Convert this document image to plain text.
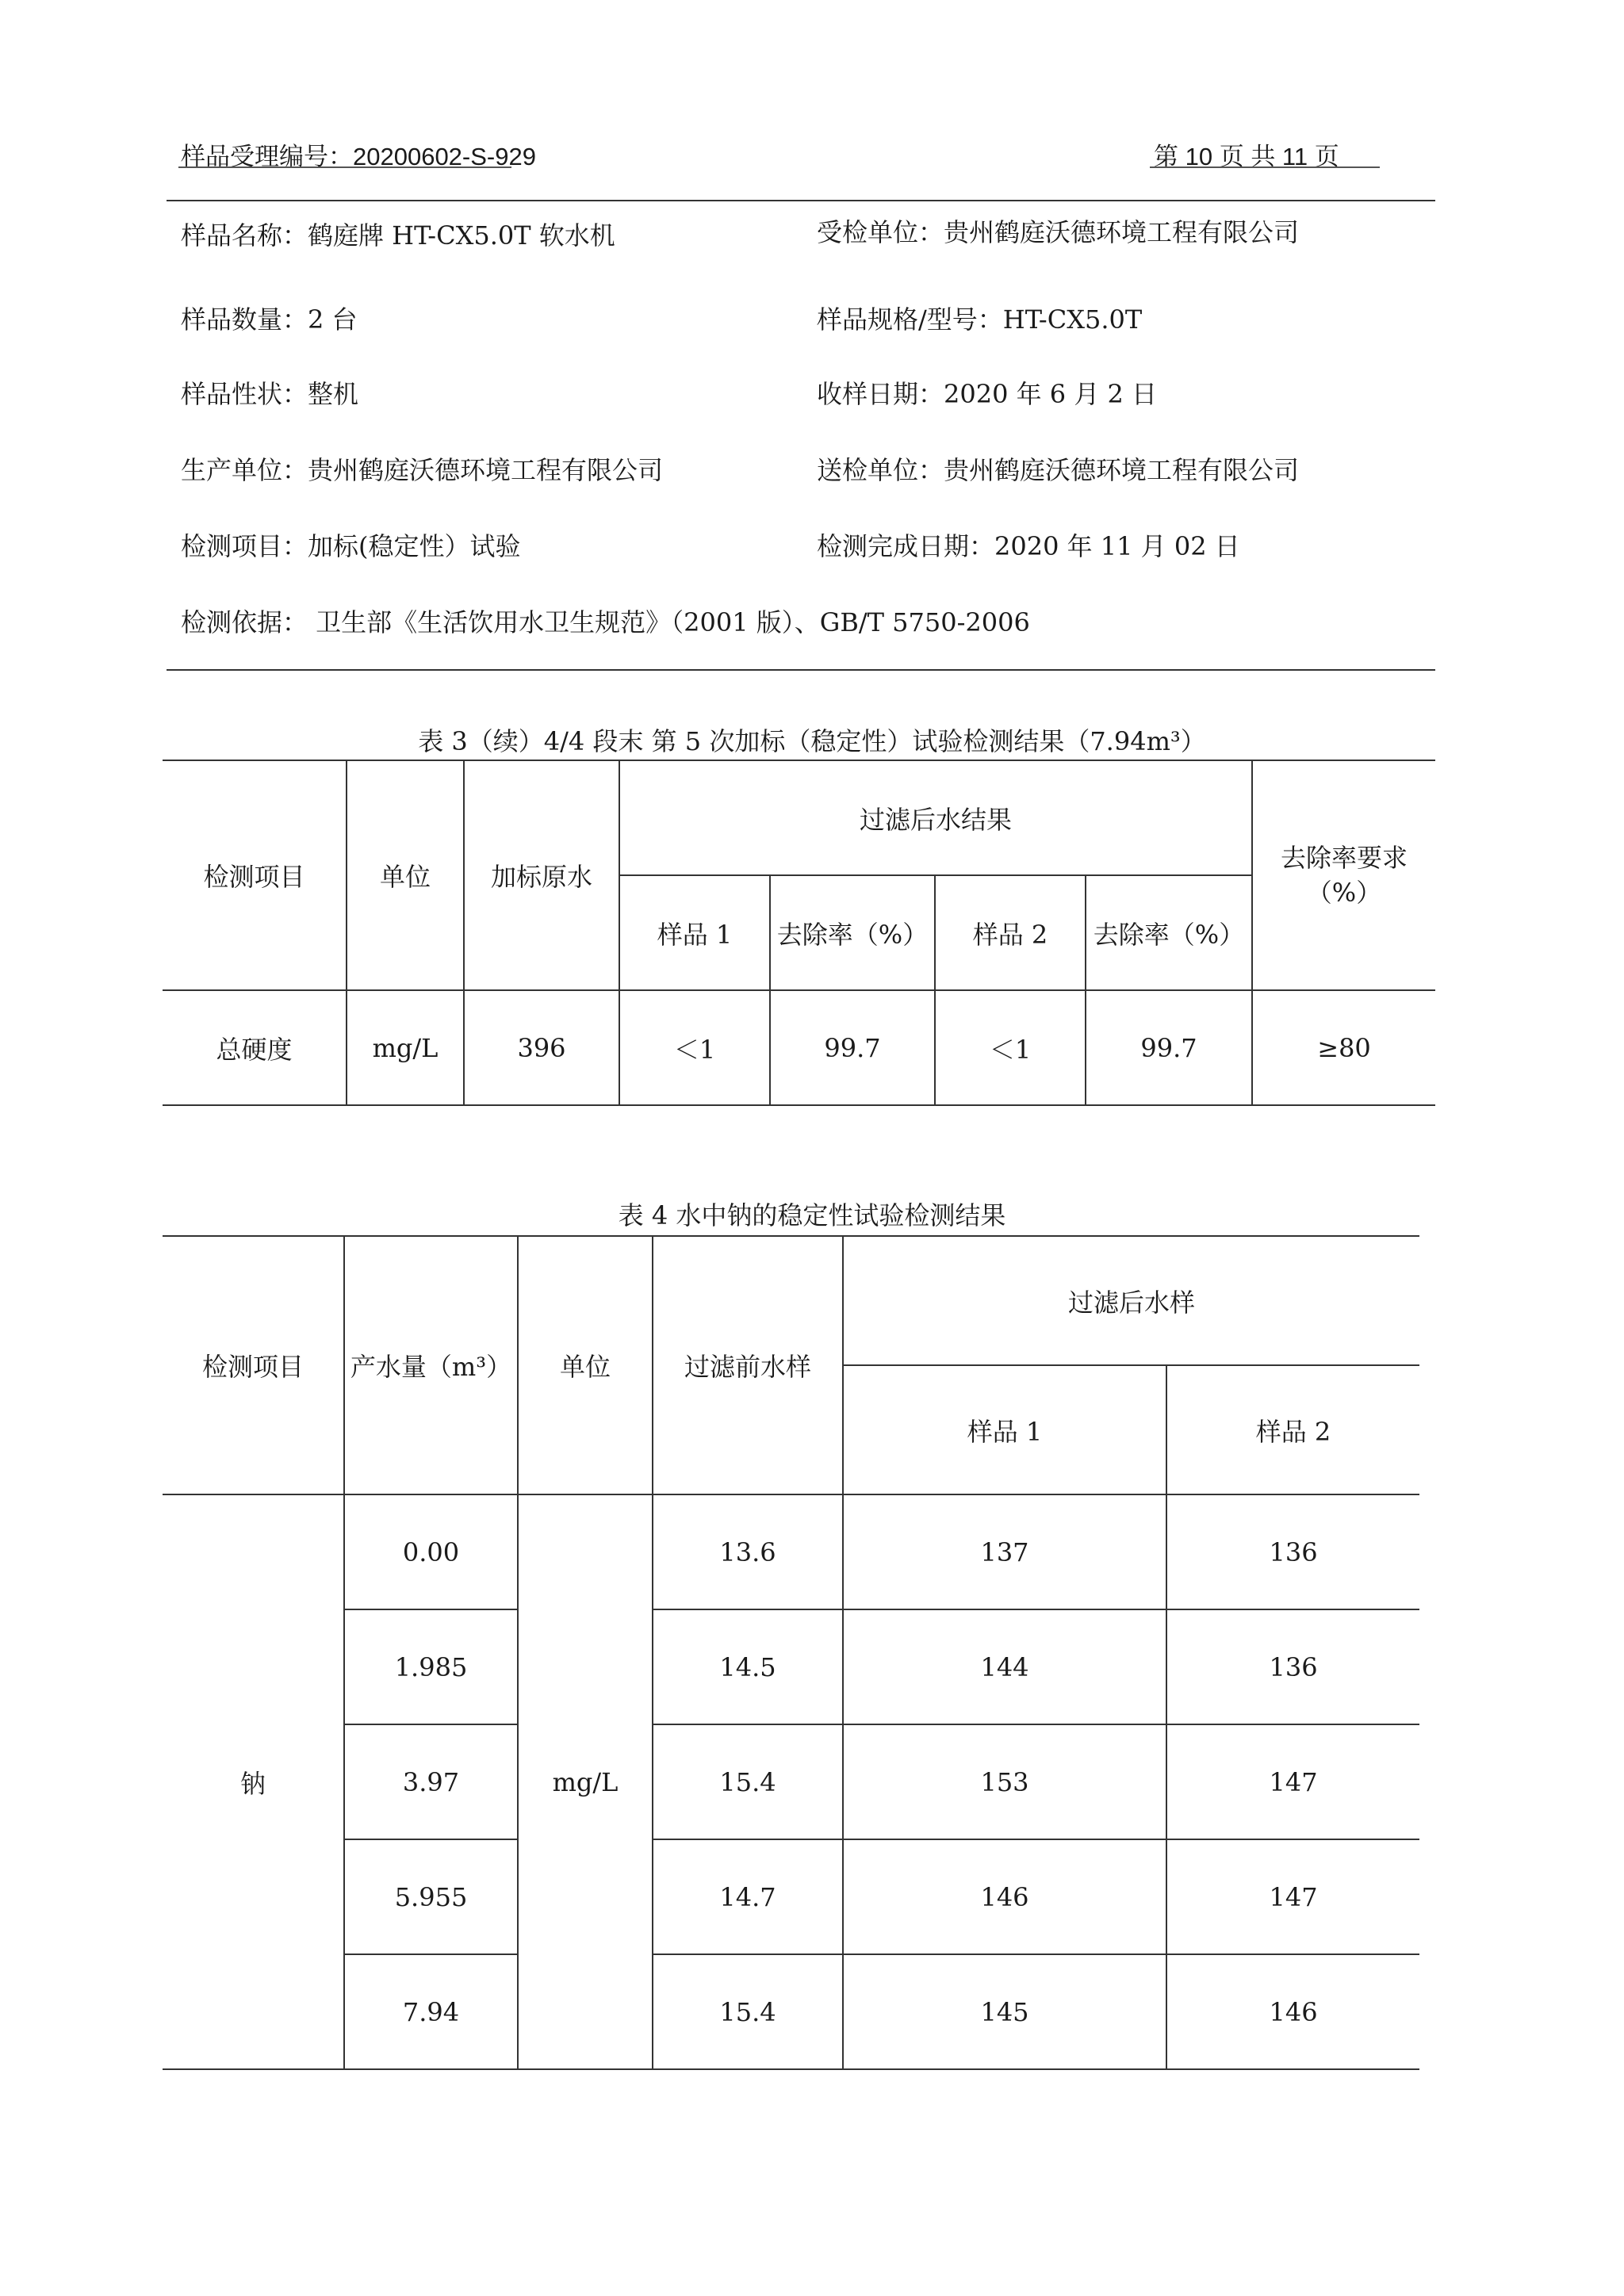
样品受理编号：20200602-S-929	第 10 页 共 11 页
样品名称：鹤庭牌 HT-CX5.0T 软水机	受检单位：贵州鹤庭沃德环境工程有限公司
样品数量：2 台	样品规格/型号：HT-CX5.0T
样品性状：整机	收样日期：2020 年 6 月 2 日
生产单位：贵州鹤庭沃德环境工程有限公司	送检单位：贵州鹤庭沃德环境工程有限公司
检测项目：加标(稳定性）试验	检测完成日期：2020 年 11 月 02 日
检测依据： 卫生部《生活饮用水卫生规范》（2001 版）、GB/T 5750-2006
表 3（续）4/4 段末 第 5 次加标（稳定性）试验检测结果（7.94m³）
检测项目	单位	加标原水	过滤后水结果				去除率要求（%）
			样品 1	去除率（%）	样品 2	去除率（%）	
总硬度	mg/L	396	＜1	99.7	＜1	99.7	≥80
表 4 水中钠的稳定性试验检测结果
检测项目	产水量（m³）	单位	过滤前水样	过滤后水样	
				样品 1	样品 2
钠	0.00	mg/L	13.6	137	136
	1.985		14.5	144	136
	3.97		15.4	153	147
	5.955		14.7	146	147
	7.94		15.4	145	146
